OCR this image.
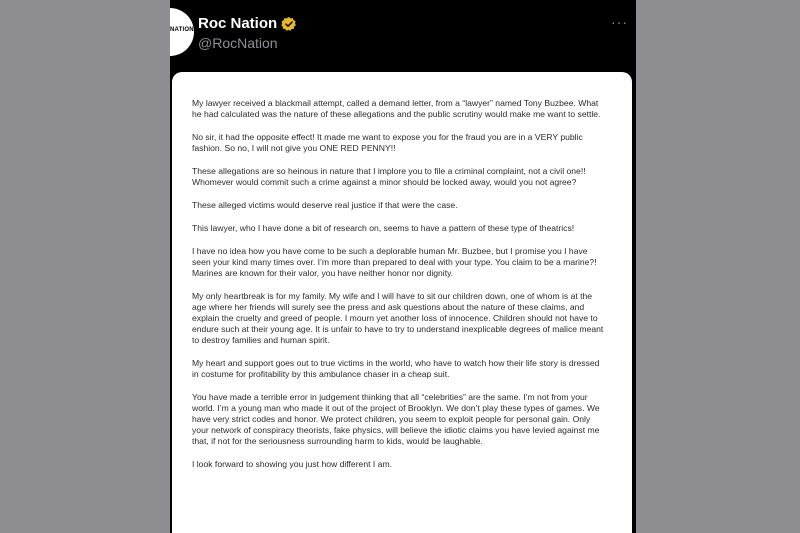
NATION Roc Nation
@RocNation
···

My lawyer received a blackmail attempt, called a demand letter, from a “lawyer” named Tony Buzbee. What he had calculated was the nature of these allegations and the public scrutiny would make me want to settle.

No sir, it had the opposite effect! It made me want to expose you for the fraud you are in a VERY public fashion. So no, I will not give you ONE RED PENNY!!

These allegations are so heinous in nature that I implore you to file a criminal complaint, not a civil one!! Whomever would commit such a crime against a minor should be locked away, would you not agree?

These alleged victims would deserve real justice if that were the case.

This lawyer, who I have done a bit of research on, seems to have a pattern of these type of theatrics!

I have no idea how you have come to be such a deplorable human Mr. Buzbee, but I promise you I have seen your kind many times over. I’m more than prepared to deal with your type. You claim to be a marine?! Marines are known for their valor, you have neither honor nor dignity.

My only heartbreak is for my family. My wife and I will have to sit our children down, one of whom is at the age where her friends will surely see the press and ask questions about the nature of these claims, and explain the cruelty and greed of people. I mourn yet another loss of innocence. Children should not have to endure such at their young age. It is unfair to have to try to understand inexplicable degrees of malice meant to destroy families and human spirit.

My heart and support goes out to true victims in the world, who have to watch how their life story is dressed in costume for profitability by this ambulance chaser in a cheap suit.

You have made a terrible error in judgement thinking that all “celebrities” are the same. I’m not from your world. I’m a young man who made it out of the project of Brooklyn. We don’t play these types of games. We have very strict codes and honor. We protect children, you seem to exploit people for personal gain. Only your network of conspiracy theorists, fake physics, will believe the idiotic claims you have levied against me that, if not for the seriousness surrounding harm to kids, would be laughable.

I look forward to showing you just how different I am.
